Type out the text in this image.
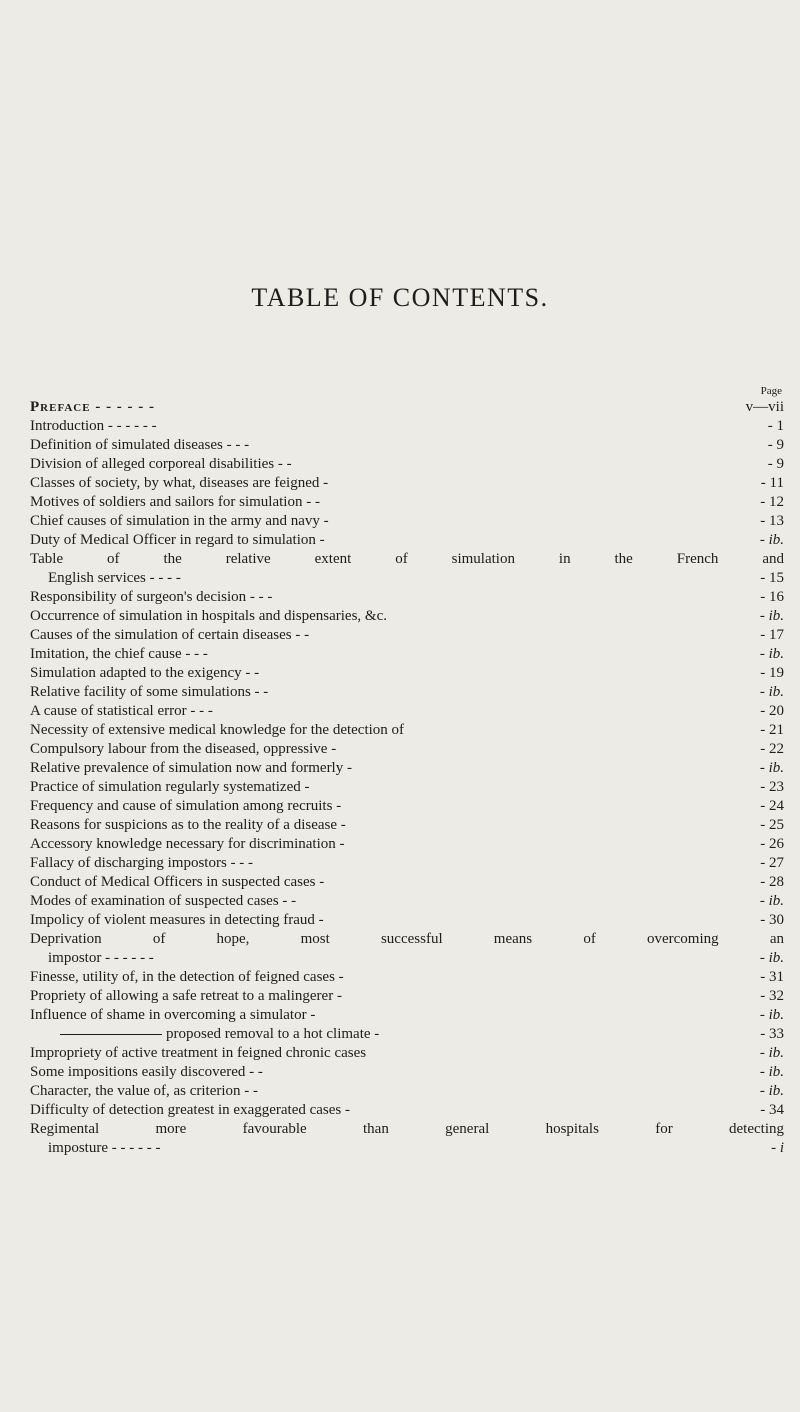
TABLE OF CONTENTS.
Page
Preface - - - - - -	v—vii
Introduction - - - - - -	- 1
Definition of simulated diseases - - -	- 9
Division of alleged corporeal disabilities - -	- 9
Classes of society, by what, diseases are feigned -	- 11
Motives of soldiers and sailors for simulation - -	- 12
Chief causes of simulation in the army and navy -	- 13
Duty of Medical Officer in regard to simulation -	- ib.
Table of the relative extent of simulation in the French and
English services - - - -	- 15
Responsibility of surgeon's decision - - -	- 16
Occurrence of simulation in hospitals and dispensaries, &c.	- ib.
Causes of the simulation of certain diseases - -	- 17
Imitation, the chief cause - - -	- ib.
Simulation adapted to the exigency - -	- 19
Relative facility of some simulations - -	- ib.
A cause of statistical error - - -	- 20
Necessity of extensive medical knowledge for the detection of	- 21
Compulsory labour from the diseased, oppressive -	- 22
Relative prevalence of simulation now and formerly -	- ib.
Practice of simulation regularly systematized -	- 23
Frequency and cause of simulation among recruits -	- 24
Reasons for suspicions as to the reality of a disease -	- 25
Accessory knowledge necessary for discrimination -	- 26
Fallacy of discharging impostors - - -	- 27
Conduct of Medical Officers in suspected cases -	- 28
Modes of examination of suspected cases - -	- ib.
Impolicy of violent measures in detecting fraud -	- 30
Deprivation of hope, most successful means of overcoming an
impostor - - - - - -	- ib.
Finesse, utility of, in the detection of feigned cases -	- 31
Propriety of allowing a safe retreat to a malingerer -	- 32
Influence of shame in overcoming a simulator -	- ib.
proposed removal to a hot climate -	- 33
Impropriety of active treatment in feigned chronic cases	- ib.
Some impositions easily discovered - -	- ib.
Character, the value of, as criterion - -	- ib.
Difficulty of detection greatest in exaggerated cases -	- 34
Regimental more favourable than general hospitals for detecting
imposture - - - - - -	- i
